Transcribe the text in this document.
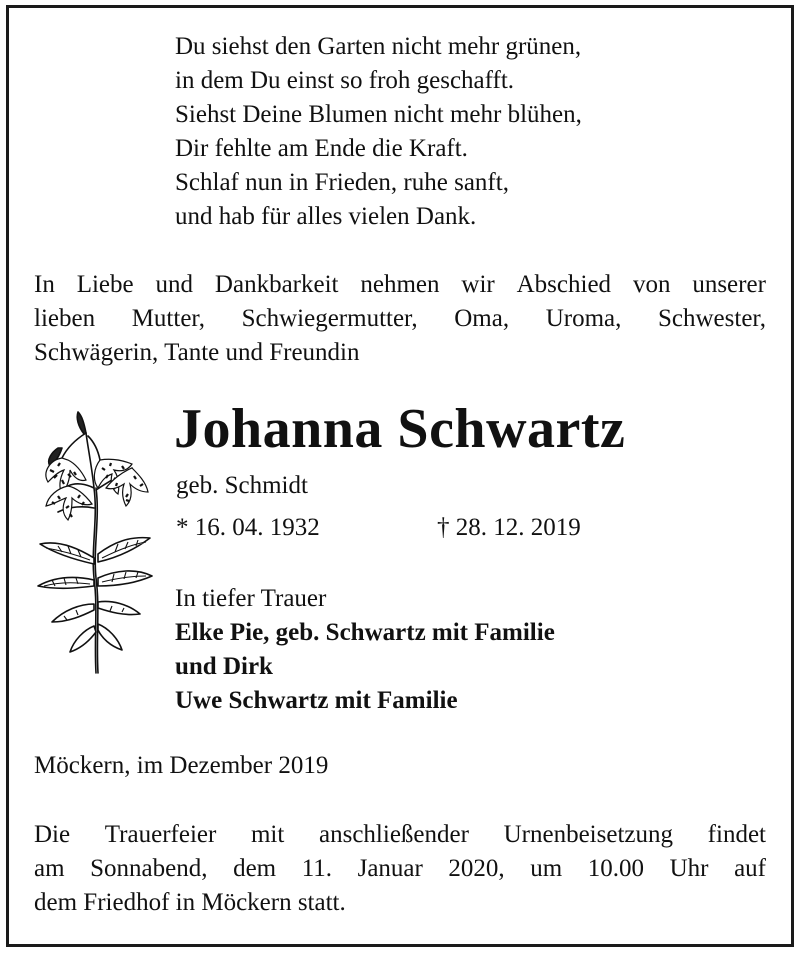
Du siehst den Garten nicht mehr grünen,
in dem Du einst so froh geschafft.
Siehst Deine Blumen nicht mehr blühen,
Dir fehlte am Ende die Kraft.
Schlaf nun in Frieden, ruhe sanft,
und hab für alles vielen Dank.
In Liebe und Dankbarkeit nehmen wir Abschied von unserer
lieben Mutter, Schwiegermutter, Oma, Uroma, Schwester,
Schwägerin, Tante und Freundin
Johanna Schwartz
geb. Schmidt
* 16. 04. 1932	† 28. 12. 2019
In tiefer Trauer
Elke Pie, geb. Schwartz mit Familie
und Dirk
Uwe Schwartz mit Familie
Möckern, im Dezember 2019
Die Trauerfeier mit anschließender Urnenbeisetzung findet
am Sonnabend, dem 11. Januar 2020, um 10.00 Uhr auf
dem Friedhof in Möckern statt.
